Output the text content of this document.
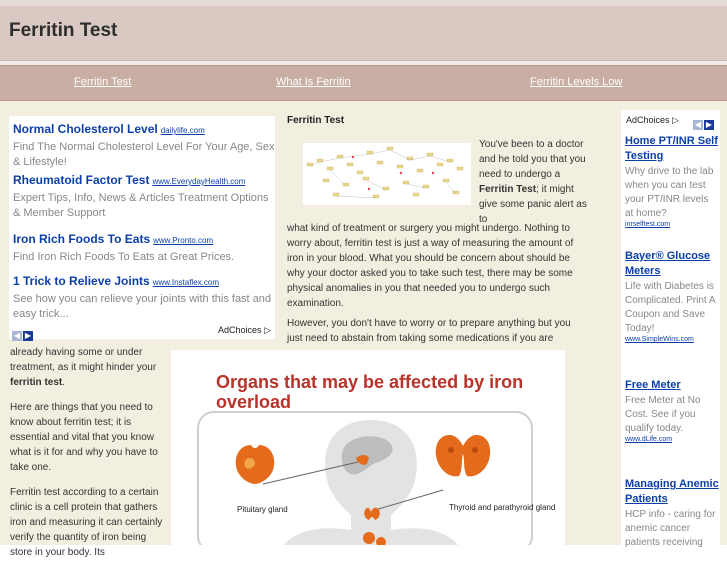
Ferritin Test
Ferritin Test	What Is Ferritin	Ferritin Levels Low
Normal Cholesterol Level dailylife.com
Find The Normal Cholesterol Level For Your Age, Sex & Lifestyle!
Rheumatoid Factor Test www.EverydayHealth.com
Expert Tips, Info, News & Articles Treatment Options & Member Support
Iron Rich Foods To Eats www.Pronto.com
Find Iron Rich Foods To Eats at Great Prices.
1 Trick to Relieve Joints www.Instaflex.com
See how you can relieve your joints with this fast and easy trick...
◀ ▶
AdChoices ▷
Ferritin Test
You've been to a doctor and he told you that you need to undergo a Ferritin Test; it might give some panic alert as to
what kind of treatment or surgery you might undergo. Nothing to worry about, ferritin test is just a way of measuring the amount of iron in your blood. What you should be concern about should be why your doctor asked you to take such test, there may be some physical anomalies in you that needed you to undergo such examination.
However, you don't have to worry or to prepare anything but you just need to abstain from taking some medications if you are

already having some or under treatment, as it might hinder your ferritin test.

Here are things that you need to know about ferritin test; it is essential and vital that you know what is it for and why you have to take one.

Ferritin test according to a certain clinic is a cell protein that gathers iron and measuring it can certainly verify the quantity of iron being store in your body. Its

Organs that may be affected by iron overload
Pituitary gland	Thyroid and parathyroid gland
AdChoices ▷ ◀ ▶
Home PT/INR Self Testing
Why drive to the lab when you can test your PT/INR levels at home?
inrselftest.com
Bayer® Glucose Meters
Life with Diabetes is Complicated. Print A Coupon and Save Today!
www.SimpleWins.com
Free Meter
Free Meter at No Cost. See if you qualify today.
www.dLife.com
Managing Anemic Patients
HCP info - caring for anemic cancer patients receiving
